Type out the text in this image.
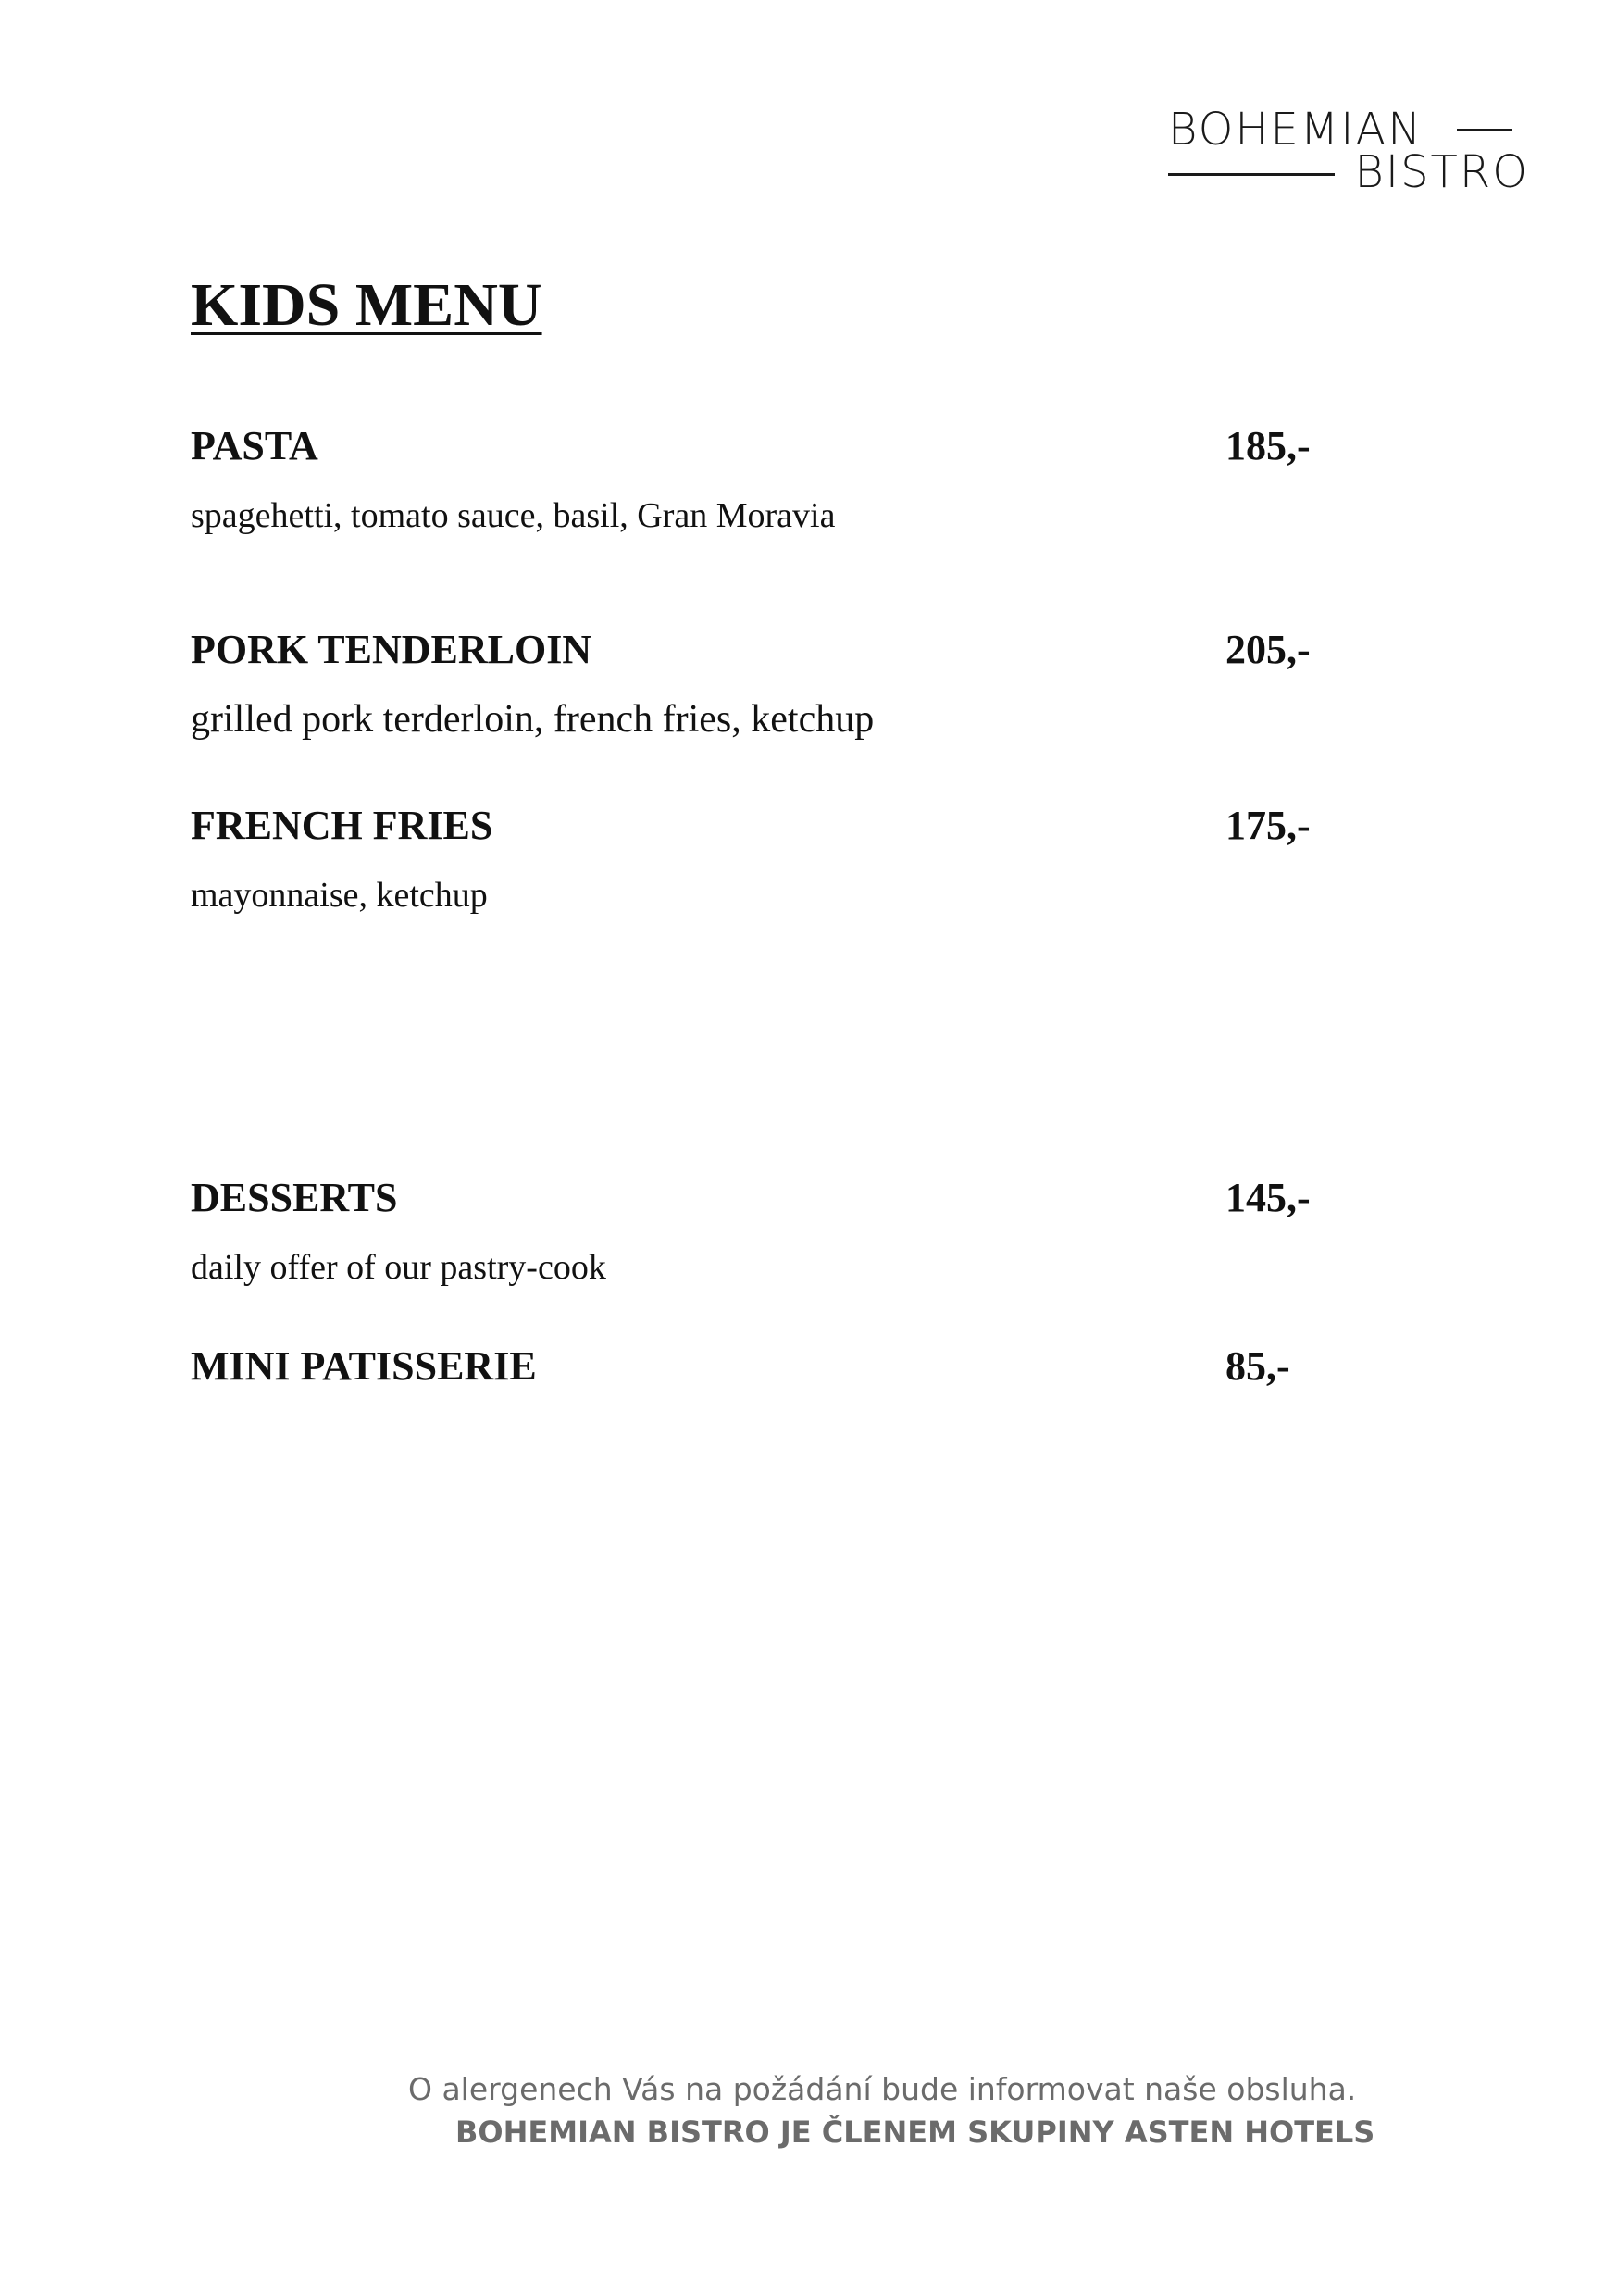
BOHEMIAN
BISTRO
KIDS MENU
PASTA	185,-
spagehetti, tomato sauce, basil, Gran Moravia
PORK TENDERLOIN	205,-
grilled pork terderloin, french fries, ketchup
FRENCH FRIES	175,-
mayonnaise, ketchup
DESSERTS	145,-
daily offer of our pastry-cook
MINI PATISSERIE	85,-
O alergenech Vás na požádání bude informovat naše obsluha.
BOHEMIAN BISTRO JE ČLENEM SKUPINY ASTEN HOTELS
